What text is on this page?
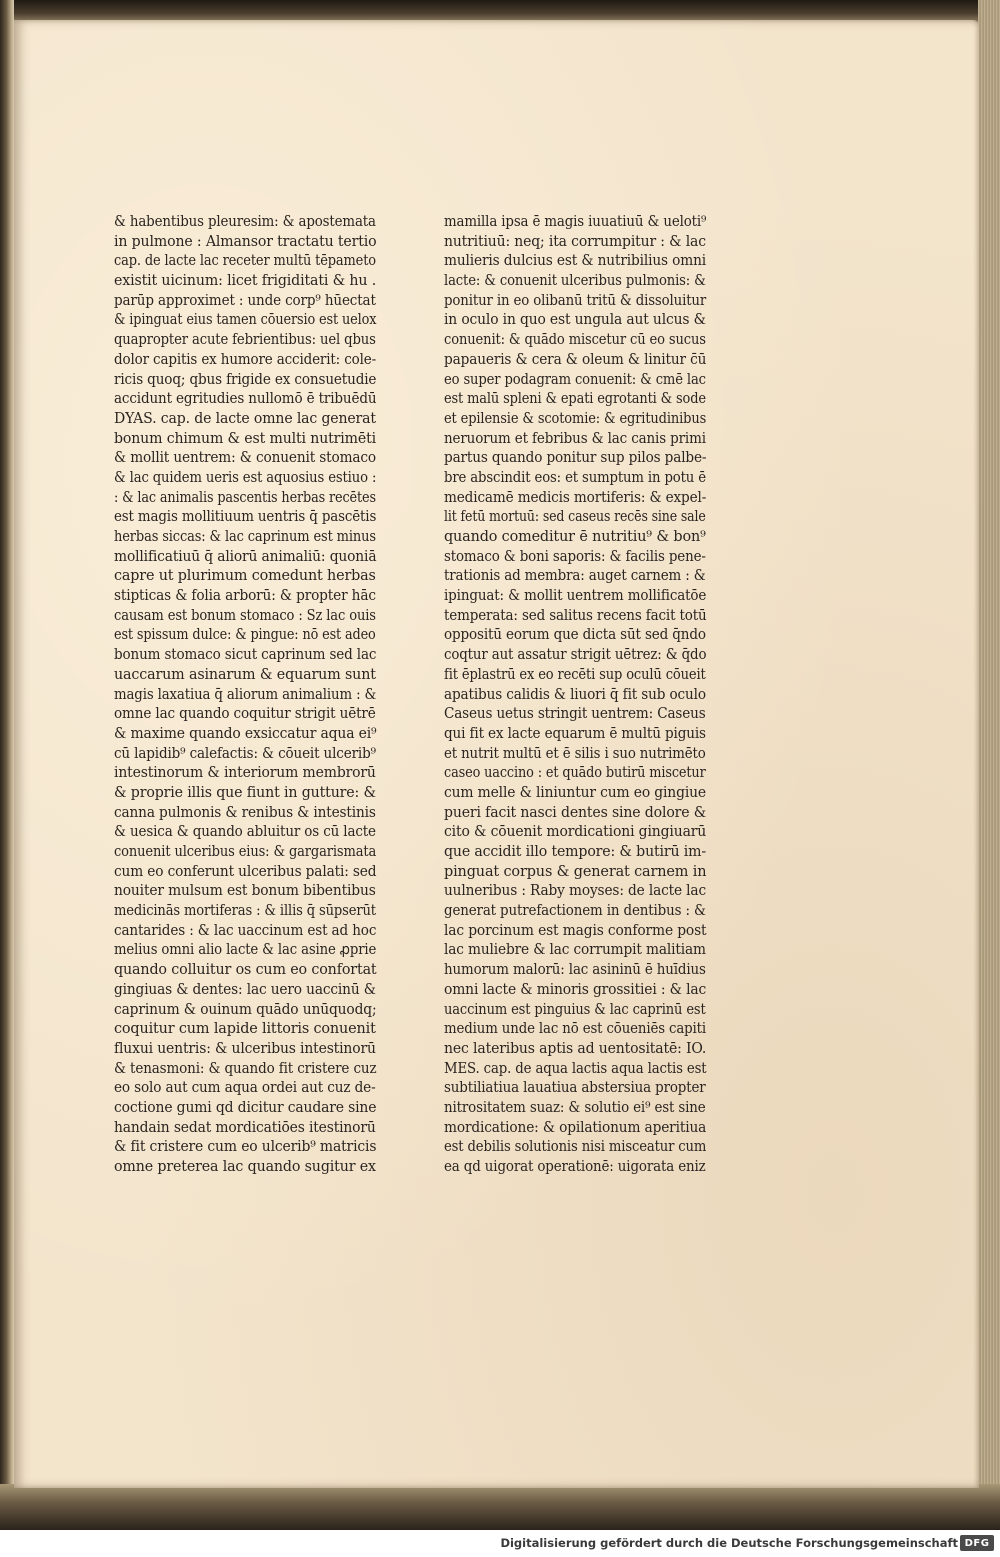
& habentibus pleuresim: & apostemata
in pulmone : Almansor tractatu tertio
cap. de lacte lac receter multū tēpameto
existit uicinum: licet frigiditati & hu .
parūp approximet : unde corp⁹ hūectat
& ipinguat eius tamen cōuersio est uelox
quapropter acute febrientibus: uel qbus
dolor capitis ex humore acciderit: cole-
ricis quoq; qbus frigide ex consuetudie
accidunt egritudies nullomō ē tribuēdū
DYAS. cap. de lacte omne lac generat
bonum chimum & est multi nutrimēti
& mollit uentrem: & conuenit stomaco
& lac quidem ueris est aquosius estiuo :
: & lac animalis pascentis herbas recētes
est magis mollitiuum uentris q̄ pascētis
herbas siccas: & lac caprinum est minus
mollificatiuū q̄ aliorū animaliū: quoniā
capre ut plurimum comedunt herbas
stipticas & folia arborū: & propter hāc
causam est bonum stomaco : Sz lac ouis
est spissum dulce: & pingue: nō est adeo
bonum stomaco sicut caprinum sed lac
uaccarum asinarum & equarum sunt
magis laxatiua q̄ aliorum animalium : &
omne lac quando coquitur strigit uētrē
& maxime quando exsiccatur aqua ei⁹
cū lapidib⁹ calefactis: & cōueit ulcerib⁹
intestinorum & interiorum membrorū
& proprie illis que fiunt in gutture: &
canna pulmonis & renibus & intestinis
& uesica & quando abluitur os cū lacte
conuenit ulceribus eius: & gargarismata
cum eo conferunt ulceribus palati: sed
nouiter mulsum est bonum bibentibus
medicinās mortiferas : & illis q̄ sūpserūt
cantarides : & lac uaccinum est ad hoc
melius omni alio lacte & lac asine ꝓprie
quando colluitur os cum eo confortat
gingiuas & dentes: lac uero uaccinū &
caprinum & ouinum quādo unūquodq;
coquitur cum lapide littoris conuenit
fluxui uentris: & ulceribus intestinorū
& tenasmoni: & quando fit cristere cuz
eo solo aut cum aqua ordei aut cuz de-
coctione gumi qd dicitur caudare sine
handain sedat mordicatiōes itestinorū
& fit cristere cum eo ulcerib⁹ matricis
omne preterea lac quando sugitur ex
mamilla ipsa ē magis iuuatiuū & ueloti⁹
nutritiuū: neq; ita corrumpitur : & lac
mulieris dulcius est & nutribilius omni
lacte: & conuenit ulceribus pulmonis: &
ponitur in eo olibanū tritū & dissoluitur
in oculo in quo est ungula aut ulcus &
conuenit: & quādo miscetur cū eo sucus
papaueris & cera & oleum & linitur c̄ū
eo super podagram conuenit: & cmē lac
est malū spleni & epati egrotanti & sode
et epilensie & scotomie: & egritudinibus
neruorum et febribus & lac canis primi
partus quando ponitur sup pilos palbe-
bre abscindit eos: et sumptum in potu ē
medicamē medicis mortiferis: & expel-
lit fetū mortuū: sed caseus recēs sine sale
quando comeditur ē nutritiu⁹ & bon⁹
stomaco & boni saporis: & facilis pene-
trationis ad membra: auget carnem : &
ipinguat: & mollit uentrem mollificatōe
temperata: sed salitus recens facit totū
oppositū eorum que dicta sūt sed q̄ndo
coqtur aut assatur strigit uētrez: & q̄do
fit ēplastrū ex eo recēti sup oculū cōueit
apatibus calidis & liuori q̄ fit sub oculo
Caseus uetus stringit uentrem: Caseus
qui fit ex lacte equarum ē multū piguis
et nutrit multū et ē silis i suo nutrimēto
caseo uaccino : et quādo butirū miscetur
cum melle & liniuntur cum eo gingiue
pueri facit nasci dentes sine dolore &
cito & cōuenit mordicationi gingiuarū
que accidit illo tempore: & butirū im-
pinguat corpus & generat carnem in
uulneribus : Raby moyses: de lacte lac
generat putrefactionem in dentibus : &
lac porcinum est magis conforme post
lac muliebre & lac corrumpit malitiam
humorum malorū: lac asininū ē huīdius
omni lacte & minoris grossitiei : & lac
uaccinum est pinguius & lac caprinū est
medium unde lac nō est cōueniēs capiti
nec lateribus aptis ad uentositatē: IO.
MES. cap. de aqua lactis aqua lactis est
subtiliatiua lauatiua abstersiua propter
nitrositatem suaz: & solutio ei⁹ est sine
mordicatione: & opilationum aperitiua
est debilis solutionis nisi misceatur cum
ea qd uigorat operationē: uigorata eniz
Digitalisierung gefördert durch die Deutsche Forschungsgemeinschaft DFG
